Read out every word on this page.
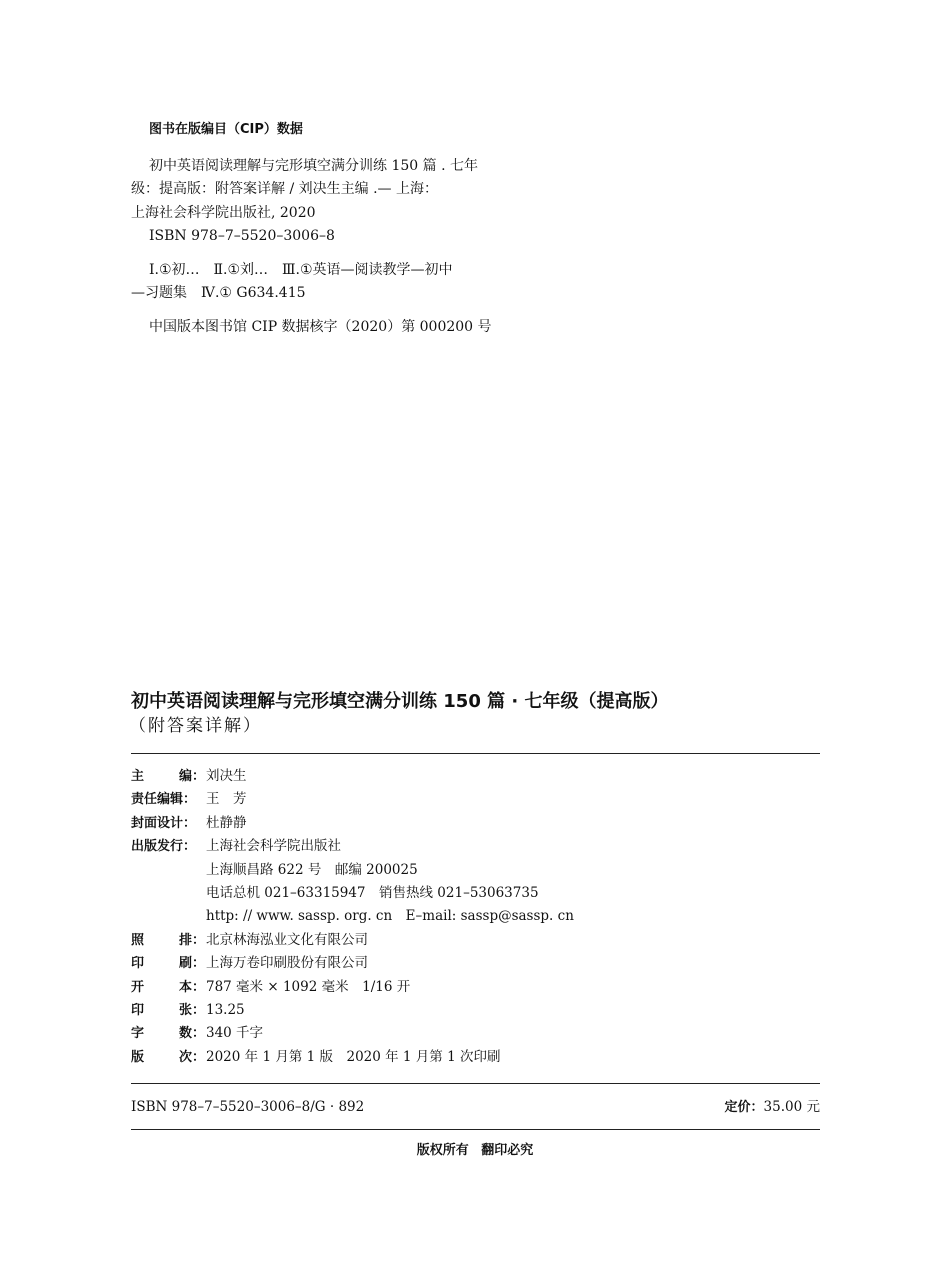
图书在版编目（CIP）数据
初中英语阅读理解与完形填空满分训练 150 篇 . 七年
级：提高版：附答案详解 / 刘决生主编 .— 上海：
上海社会科学院出版社, 2020
ISBN 978–7–5520–3006–8
Ⅰ.①初…　Ⅱ.①刘…　Ⅲ.①英语—阅读教学—初中
—习题集　Ⅳ.① G634.415
中国版本图书馆 CIP 数据核字（2020）第 000200 号
初中英语阅读理解与完形填空满分训练 150 篇 · 七年级（提高版）
（附答案详解）
主	编： 刘决生
责任编辑： 王　芳
封面设计： 杜静静
出版发行： 上海社会科学院出版社
上海顺昌路 622 号　邮编 200025
电话总机 021–63315947　销售热线 021–53063735
http: // www. sassp. org. cn　E–mail: sassp@sassp. cn
照	排： 北京林海泓业文化有限公司
印	刷： 上海万卷印刷股份有限公司
开	本： 787 毫米 × 1092 毫米　1/16 开
印	张： 13.25
字	数： 340 千字
版	次： 2020 年 1 月第 1 版　2020 年 1 月第 1 次印刷
ISBN 978–7–5520–3006–8/G · 892	定价：35.00 元
版权所有 翻印必究
